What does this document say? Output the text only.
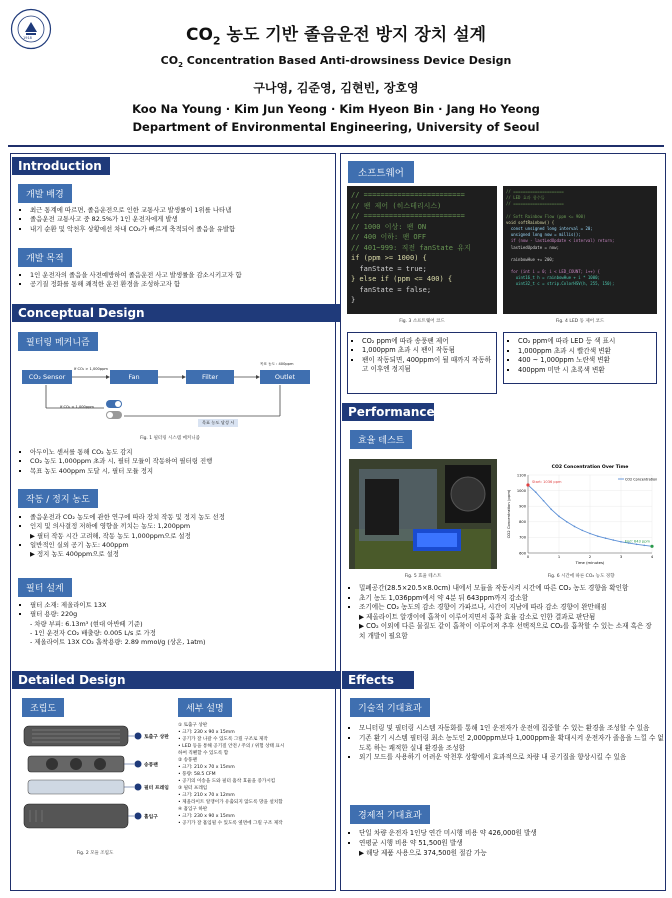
1918	$CO_2$ 농도 기반 졸음운전 방지 장치 설계
$CO_2$ Concentration Based Anti-drowsiness Device Design
구나영, 김준영, 김현빈, 장호영
Koo Na Young · Kim Jun Yeong · Kim Hyeon Bin · Jang Ho Yeong
Department of Environmental Engineering, University of Seoul
Introduction
개발 배경
▪ 최근 통계에 따르면, 졸음운전으로 인한 교통사고 발생률이 1위를 나타냄
▪ 졸음운전 교통사고 중 82.5%가 1인 운전자에게 발생
▪ 내기 순환 및 악천후 상황에선 차내 CO₂가 빠르게 축적되어 졸음을 유발함
개발 목적
▪ 1인 운전자의 졸음을 사전예방하여 졸음운전 사고 발생률을 감소시키고자 함
▪ 공기질 정화를 통해 쾌적한 운전 환경을 조성하고자 함
Conceptual Design
필터링 메커니즘
CO₂ Sensor	Fan	Filter	Outlet
If CO₂ > 1,000ppm
목표 농도 : 400ppm
If CO₂ < 1,000ppm
목표 농도 달성 시
Fig. 1 필터링 시스템 메커니즘
▪ 아두이노 센서를 통해 CO₂ 농도 감지
▪ CO₂ 농도 1,000ppm 초과 시, 필터 모듈이 작동하여 필터링 진행
▪ 목표 농도 400ppm 도달 시, 필터 모듈 정지
작동 / 정지 농도
▪ 졸음운전과 CO₂ 농도에 관한 연구에 따라 장치 작동 및 정지 농도 선정
▪ 인지 및 의사결정 저하에 영향을 끼치는 농도: 1,200ppm
▶ 필터 작동 시간 고려해, 작동 농도 1,000ppm으로 설정
▪ 일반적인 실외 공기 농도: 400ppm
▶ 정지 농도 400ppm으로 설정
필터 설계
▪ 필터 소재: 제올라이트 13X
▪ 필터 용량: 220g
- 차량 부피: 6.13m³ (현대 아반떼 기준)
- 1인 운전자 CO₂ 배출량: 0.005 L/s 로 가정
- 제올라이트 13X CO₂ 흡착용량: 2.89 mmol/g (상온, 1atm)
Detailed Design
조립도	세부 설명
토출구 상판
송풍팬
필터 프레임
흡입구
Fig. 2 모듈 조립도
① 토출구 상판
• 크기: 230 x 90 x 15mm
• 공기가 잘 나갈 수 있도록 그릴 구조로 제작
• LED 등을 통해 공기질 안전 / 주의 / 위험 상태 표시
하여 직봰할 수 있도록 함
② 송풍팬
• 크기: 210 x 70 x 15mm
• 풍량: 58.5 CFM
• 공기의 이송을 도와 필터 흡착 효율을 증가시킴
③ 필터 프레임
• 크기: 210 x 70 x 12mm
• 제올라이트 알갱이가 유출되지 않도록 망을 설치함
④ 흡입구 하판
• 크기: 230 x 90 x 15mm
• 공기가 잘 흡입될 수 있도록 옆면에 그릴 구조 제작
소프트웨어
// ========================
// 팬 제어 (히스테리시스)
// ========================
// 1000 이상: 팬 ON
// 400 이하: 팬 OFF
// 401~999: 직전 fanState 유지
if (ppm >= 1000) {
fanState = true;
} else if (ppm <= 400) {
fanState = false;
}
// =====================
// LED 효과 함수들
// =====================
// Soft Rainbow Flow (ppm <= 900)
void softRainbow() {
const unsigned long interval = 20;
unsigned long now = millis();
if (now - lastLedUpdate < interval) return;
lastLedUpdate = now;
rainbowHue += 200;
for (int i = 0; i < LED_COUNT; i++) {
uint16_t h = rainbowHue + i * 1000;
uint32_t c = strip.ColorHSV(h, 255, 150);
Fig. 3 소프트웨어 코드	Fig. 4 LED 동 제어 코드
▪ CO₂ ppm에 따라 송풍팬 제어
▪ 1,000ppm 초과 시 팬이 작동됨
▪ 팬이 작동되면, 400ppm이 될 때까지 작동하고 이후엔 정지됨
▪ CO₂ ppm에 따라 LED 등 색 표시
▪ 1,000ppm 초과 시 빨간색 변환
▪ 400 ~ 1,000ppm 노란색 변환
▪ 400ppm 미만 시 초록색 변환
Performance
효율 테스트
CO2 Concentration Over Time
600
700
800
900
1000
1100
0	1	2	3	4
Time (minutes)
CO2 Concentration (ppm)
Start: 1036 ppm
End: 643 ppm
CO2 Concentration
Fig. 5 효율 테스트	Fig. 6 시간에 따른 CO₂ 농도 경향
▪ 밀폐공간(28.5×20.5×8.0cm) 내에서 모듈을 작동시켜 시간에 따른 CO₂ 농도 경향을 확인함
▪ 초기 농도 1,036ppm에서 약 4분 뒤 643ppm까지 감소함
▪ 조기에는 CO₂ 농도의 감소 경향이 가파르나, 시간이 지남에 따라 감소 경향이 완만해짐
▶ 제올라이트 알갱이에 흡착이 이루어지면서 흡착 효율 감소로 인한 결과로 판단됨
▶ CO₂ 이외에 다른 물질도 같이 흡착이 이루어져 추후 선택적으로 CO₂를 흡착할 수 있는 소재 혹은 장치 개발이 필요함
Effects
기술적 기대효과
▪ 모니터링 및 필터링 시스템 자동화를 통해 1인 운전자가 운전에 집중할 수 있는 환경을 조성할 수 있음
▪ 기존 환기 시스템 필터링 최소 농도인 2,000ppm보다 1,000ppm을 확대시켜 운전자가 졸음을 느낄 수 없도록 하는 쾌적한 실내 환경을 조성함
▪ 외기 모드를 사용하기 어려운 악천후 상황에서 효과적으로 차량 내 공기질을 향상시킬 수 있음
경제적 기대효과
▪ 단일 차량 운전자 1인당 연간 미시행 비용 약 426,000원 발생
▪ 연평균 시행 비용 약 51,500원 발생
▶ 해당 제품 사용으로 374,500원 절감 가능
